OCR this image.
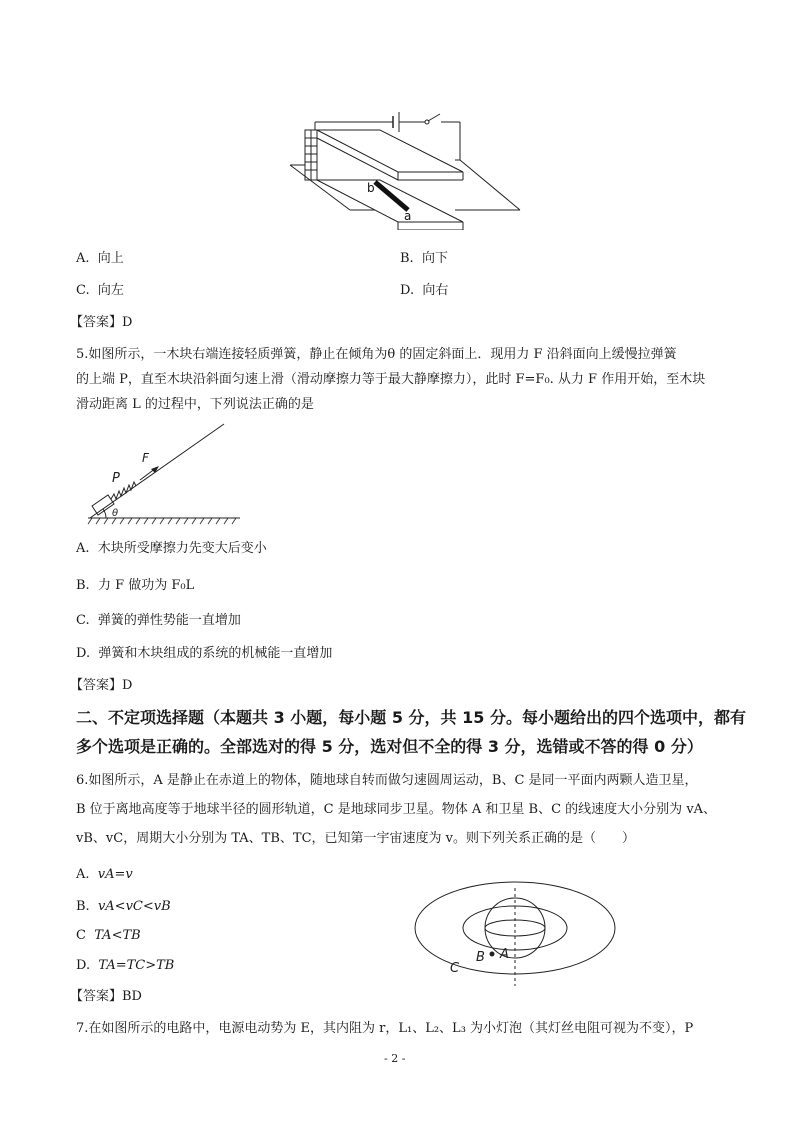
b
a
A. 向上	B. 向下
C. 向左	D. 向右
【答案】D
5.如图所示，一木块右端连接轻质弹簧，静止在倾角为θ 的固定斜面上．现用力 F 沿斜面向上缓慢拉弹簧
的上端 P，直至木块沿斜面匀速上滑（滑动摩擦力等于最大静摩擦力），此时 F=F₀. 从力 F 作用开始，至木块
滑动距离 L 的过程中，下列说法正确的是
P
F
θ
A. 木块所受摩擦力先变大后变小
B. 力 F 做功为 F₀L
C. 弹簧的弹性势能一直增加
D. 弹簧和木块组成的系统的机械能一直增加
【答案】D
二、不定项选择题（本题共 3 小题，每小题 5 分，共 15 分。每小题给出的四个选项中，都有
多个选项是正确的。全部选对的得 5 分，选对但不全的得 3 分，选错或不答的得 0 分）
6.如图所示，A 是静止在赤道上的物体，随地球自转而做匀速圆周运动，B、C 是同一平面内两颗人造卫星，
B 位于离地高度等于地球半径的圆形轨道，C 是地球同步卫星。物体 A 和卫星 B、C 的线速度大小分别为 vA、
vB、vC，周期大小分别为 TA、TB、TC，已知第一宇宙速度为 v。则下列关系正确的是（　　）
A. vA=v
B. vA<vC<vB
C TA<TB
D. TA=TC>TB
A
B
C
【答案】BD
7.在如图所示的电路中，电源电动势为 E，其内阻为 r，L₁、L₂、L₃ 为小灯泡（其灯丝电阻可视为不变），P
- 2 -
